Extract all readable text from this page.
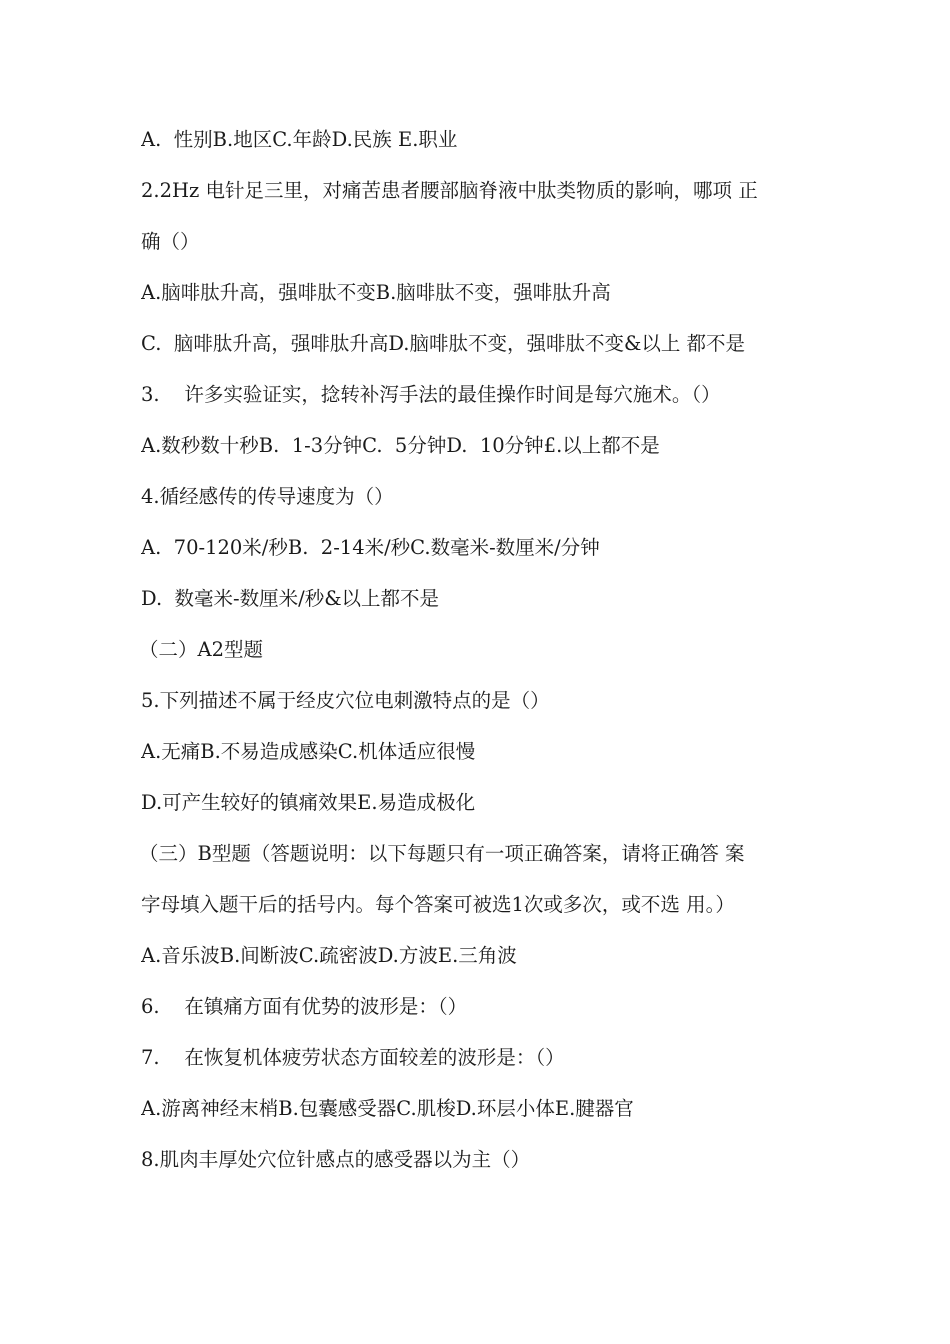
A.  性别B.地区C.年龄D.民族 E.职业
2.2Hz 电针足三里，对痛苦患者腰部脑脊液中肽类物质的影响，哪项 正
确（）
A.脑啡肽升高，强啡肽不变B.脑啡肽不变，强啡肽升高
C.  脑啡肽升高，强啡肽升高D.脑啡肽不变，强啡肽不变&以上 都不是
3.    许多实验证实，捻转补泻手法的最佳操作时间是每穴施术。（）
A.数秒数十秒B.  1-3分钟C.  5分钟D.  10分钟£.以上都不是
4.循经感传的传导速度为（）
A.  70-120米/秒B.  2-14米/秒C.数毫米-数厘米/分钟
D.  数毫米-数厘米/秒&以上都不是
（二）A2型题
5.下列描述不属于经皮穴位电刺激特点的是（）
A.无痛B.不易造成感染C.机体适应很慢
D.可产生较好的镇痛效果E.易造成极化
（三）B型题（答题说明：以下每题只有一项正确答案，请将正确答 案
字母填入题干后的括号内。每个答案可被选1次或多次，或不选 用。）
A.音乐波B.间断波C.疏密波D.方波E.三角波
6.    在镇痛方面有优势的波形是：（）
7.    在恢复机体疲劳状态方面较差的波形是：（）
A.游离神经末梢B.包囊感受器C.肌梭D.环层小体E.腱器官
8.肌肉丰厚处穴位针感点的感受器以为主（）
